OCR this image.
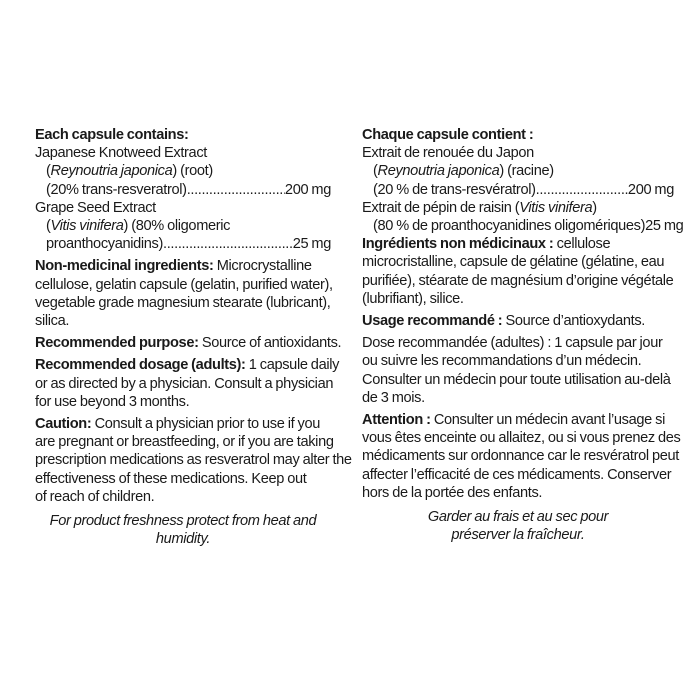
Each capsule contains:
Japanese Knotweed Extract
(Reynoutria japonica) (root)
(20% trans-resveratrol) .....	200 mg
Grape Seed Extract
(Vitis vinifera) (80% oligomeric
proanthocyanidins) .....	25 mg
Non-medicinal ingredients: Microcrystalline
cellulose, gelatin capsule (gelatin, purified water),
vegetable grade magnesium stearate (lubricant),
silica.
Recommended purpose: Source of antioxidants.
Recommended dosage (adults): 1 capsule daily
or as directed by a physician. Consult a physician
for use beyond 3 months.
Caution: Consult a physician prior to use if you
are pregnant or breastfeeding, or if you are taking
prescription medications as resveratrol may alter the
effectiveness of these medications. Keep out
of reach of children.
For product freshness protect from heat and
humidity.
Chaque capsule contient :
Extrait de renouée du Japon
(Reynoutria japonica) (racine)
(20 % de trans-resvératrol) .....	200 mg
Extrait de pépin de raisin (Vitis vinifera)
(80 % de proanthocyanidines oligomériques) 25 mg
Ingrédients non médicinaux : cellulose
microcristalline, capsule de gélatine (gélatine, eau
purifiée), stéarate de magnésium d’origine végétale
(lubrifiant), silice.
Usage recommandé : Source d’antioxydants.
Dose recommandée (adultes) : 1 capsule par jour
ou suivre les recommandations d’un médecin.
Consulter un médecin pour toute utilisation au-delà
de 3 mois.
Attention : Consulter un médecin avant l’usage si
vous êtes enceinte ou allaitez, ou si vous prenez des
médicaments sur ordonnance car le resvératrol peut
affecter l’efficacité de ces médicaments. Conserver
hors de la portée des enfants.
Garder au frais et au sec pour
préserver la fraîcheur.
